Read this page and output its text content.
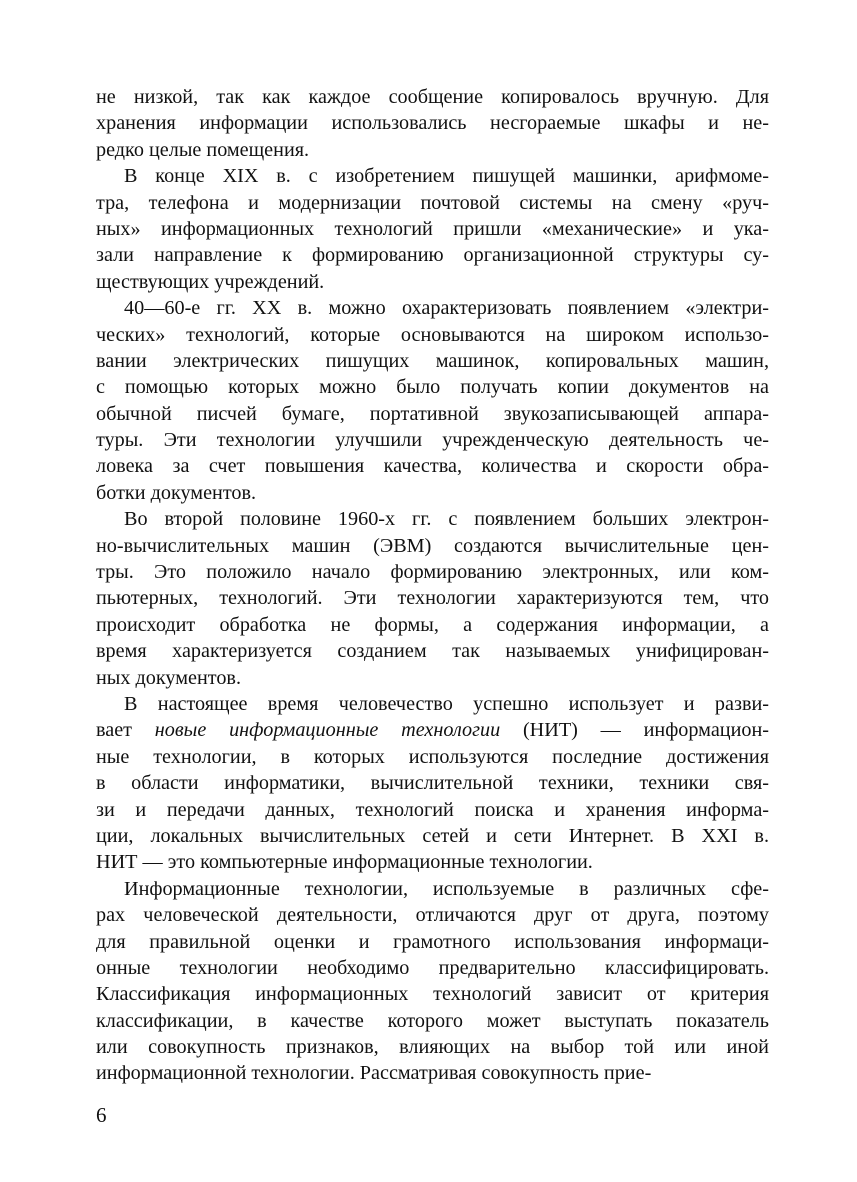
не низкой, так как каждое сообщение копировалось вручную. Для
хранения информации использовались несгораемые шкафы и не-
редко целые помещения.
В конце XIX в. с изобретением пишущей машинки, арифмоме-
тра, телефона и модернизации почтовой системы на смену «руч-
ных» информационных технологий пришли «механические» и ука-
зали направление к формированию организационной структуры су-
ществующих учреждений.
40—60-е гг. XX в. можно охарактеризовать появлением «электри-
ческих» технологий, которые основываются на широком использо-
вании электрических пишущих машинок, копировальных машин,
с помощью которых можно было получать копии документов на
обычной писчей бумаге, портативной звукозаписывающей аппара-
туры. Эти технологии улучшили учрежденческую деятельность че-
ловека за счет повышения качества, количества и скорости обра-
ботки документов.
Во второй половине 1960-х гг. с появлением больших электрон-
но-вычислительных машин (ЭВМ) создаются вычислительные цен-
тры. Это положило начало формированию электронных, или ком-
пьютерных, технологий. Эти технологии характеризуются тем, что
происходит обработка не формы, а содержания информации, а
время характеризуется созданием так называемых унифицирован-
ных документов.
В настоящее время человечество успешно использует и разви-
вает новые информационные технологии (НИТ) — информацион-
ные технологии, в которых используются последние достижения
в области информатики, вычислительной техники, техники свя-
зи и передачи данных, технологий поиска и хранения информа-
ции, локальных вычислительных сетей и сети Интернет. В XXI в.
НИТ — это компьютерные информационные технологии.
Информационные технологии, используемые в различных сфе-
рах человеческой деятельности, отличаются друг от друга, поэтому
для правильной оценки и грамотного использования информаци-
онные технологии необходимо предварительно классифицировать.
Классификация информационных технологий зависит от критерия
классификации, в качестве которого может выступать показатель
или совокупность признаков, влияющих на выбор той или иной
информационной технологии. Рассматривая совокупность прие-
6
